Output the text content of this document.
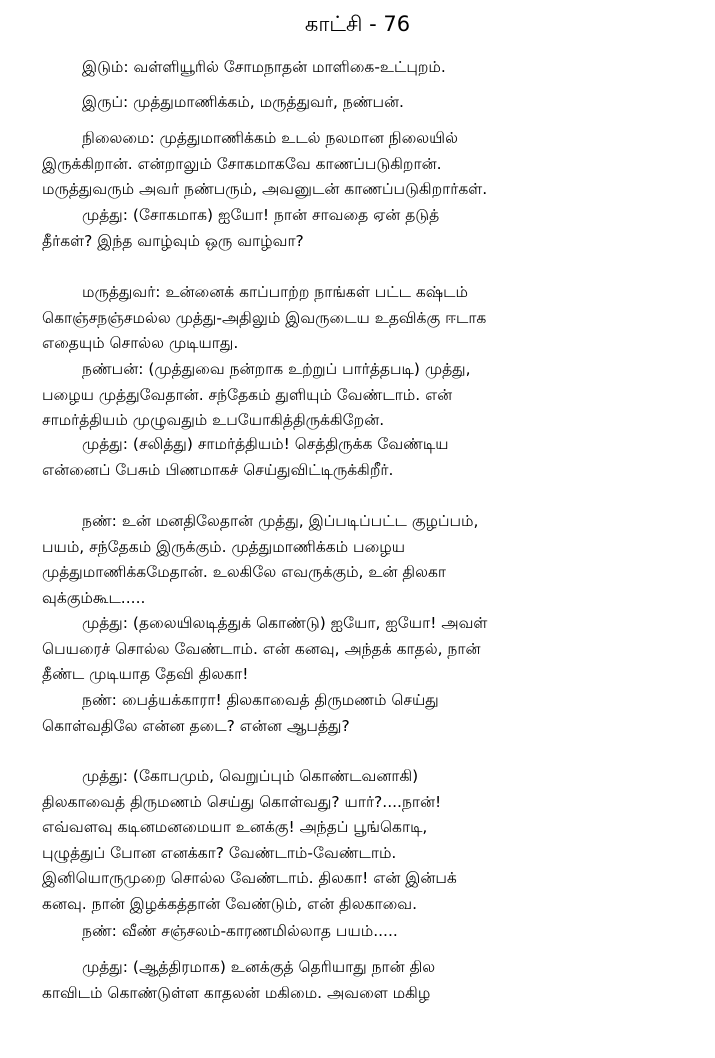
காட்சி - 76
இடும்: வள்ளியூரில் சோமநாதன் மாளிகை-உட்புறம்.
இருப்: முத்துமாணிக்கம், மருத்துவர், நண்பன்.
நிலைமை: முத்துமாணிக்கம் உடல் நலமான நிலையில்
இருக்கிறான். என்றாலும் சோகமாகவே காணப்படுகிறான்.
மருத்துவரும் அவர் நண்பரும், அவனுடன் காணப்படுகிறார்கள்.
முத்து: (சோகமாக) ஐயோ! நான் சாவதை ஏன் தடுத்
தீர்கள்? இந்த வாழ்வும் ஒரு வாழ்வா?
மருத்துவர்: உன்னைக் காப்பாற்ற நாங்கள் பட்ட கஷ்டம்
கொஞ்சநஞ்சமல்ல முத்து-அதிலும் இவருடைய உதவிக்கு ஈடாக
எதையும் சொல்ல முடியாது.
நண்பன்: (முத்துவை நன்றாக உற்றுப் பார்த்தபடி) முத்து,
பழைய முத்துவேதான். சந்தேகம் துளியும் வேண்டாம். என்
சாமர்த்தியம் முழுவதும் உபயோகித்திருக்கிறேன்.
முத்து: (சலித்து) சாமர்த்தியம்! செத்திருக்க வேண்டிய
என்னைப் பேசும் பிணமாகச் செய்துவிட்டிருக்கிறீர்.
நண்: உன் மனதிலேதான் முத்து, இப்படிப்பட்ட குழப்பம்,
பயம், சந்தேகம் இருக்கும். முத்துமாணிக்கம் பழைய
முத்துமாணிக்கமேதான். உலகிலே எவருக்கும், உன் திலகா
வுக்கும்கூட.....
முத்து: (தலையிலடித்துக் கொண்டு) ஐயோ, ஐயோ! அவள்
பெயரைச் சொல்ல வேண்டாம். என் கனவு, அந்தக் காதல், நான்
தீண்ட முடியாத தேவி திலகா!
நண்: பைத்யக்காரா! திலகாவைத் திருமணம் செய்து
கொள்வதிலே என்ன தடை? என்ன ஆபத்து?
முத்து: (கோபமும், வெறுப்பும் கொண்டவனாகி)
திலகாவைத் திருமணம் செய்து கொள்வது? யார்?....நான்!
எவ்வளவு கடினமனமையா உனக்கு! அந்தப் பூங்கொடி,
புழுத்துப் போன எனக்கா? வேண்டாம்-வேண்டாம்.
இனியொருமுறை சொல்ல வேண்டாம். திலகா! என் இன்பக்
கனவு. நான் இழக்கத்தான் வேண்டும், என் திலகாவை.
நண்: வீண் சஞ்சலம்-காரணமில்லாத பயம்.....
முத்து: (ஆத்திரமாக) உனக்குத் தெரியாது நான் தில
காவிடம் கொண்டுள்ள காதலன் மகிமை. அவளை மகிழ
